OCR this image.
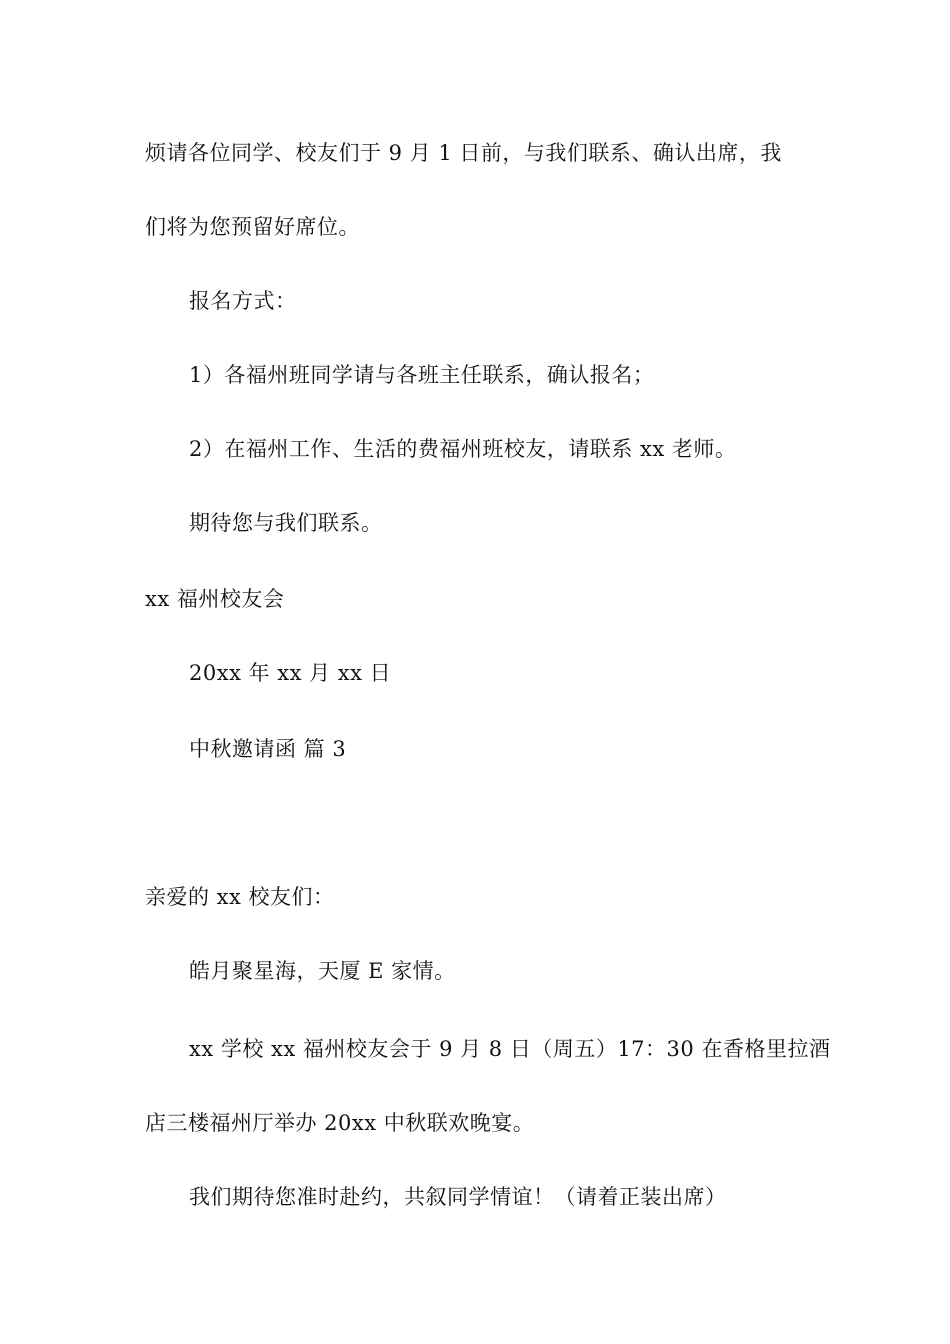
烦请各位同学、校友们于 9 月 1 日前，与我们联系、确认出席，我
们将为您预留好席位。
报名方式：
1）各福州班同学请与各班主任联系，确认报名；
2）在福州工作、生活的费福州班校友，请联系 xx 老师。
期待您与我们联系。
xx 福州校友会
20xx 年 xx 月 xx 日
中秋邀请函 篇 3
亲爱的 xx 校友们：
皓月聚星海，天厦 E 家情。
xx 学校 xx 福州校友会于 9 月 8 日（周五）17：30 在香格里拉酒
店三楼福州厅举办 20xx 中秋联欢晚宴。
我们期待您准时赴约，共叙同学情谊！（请着正装出席）
